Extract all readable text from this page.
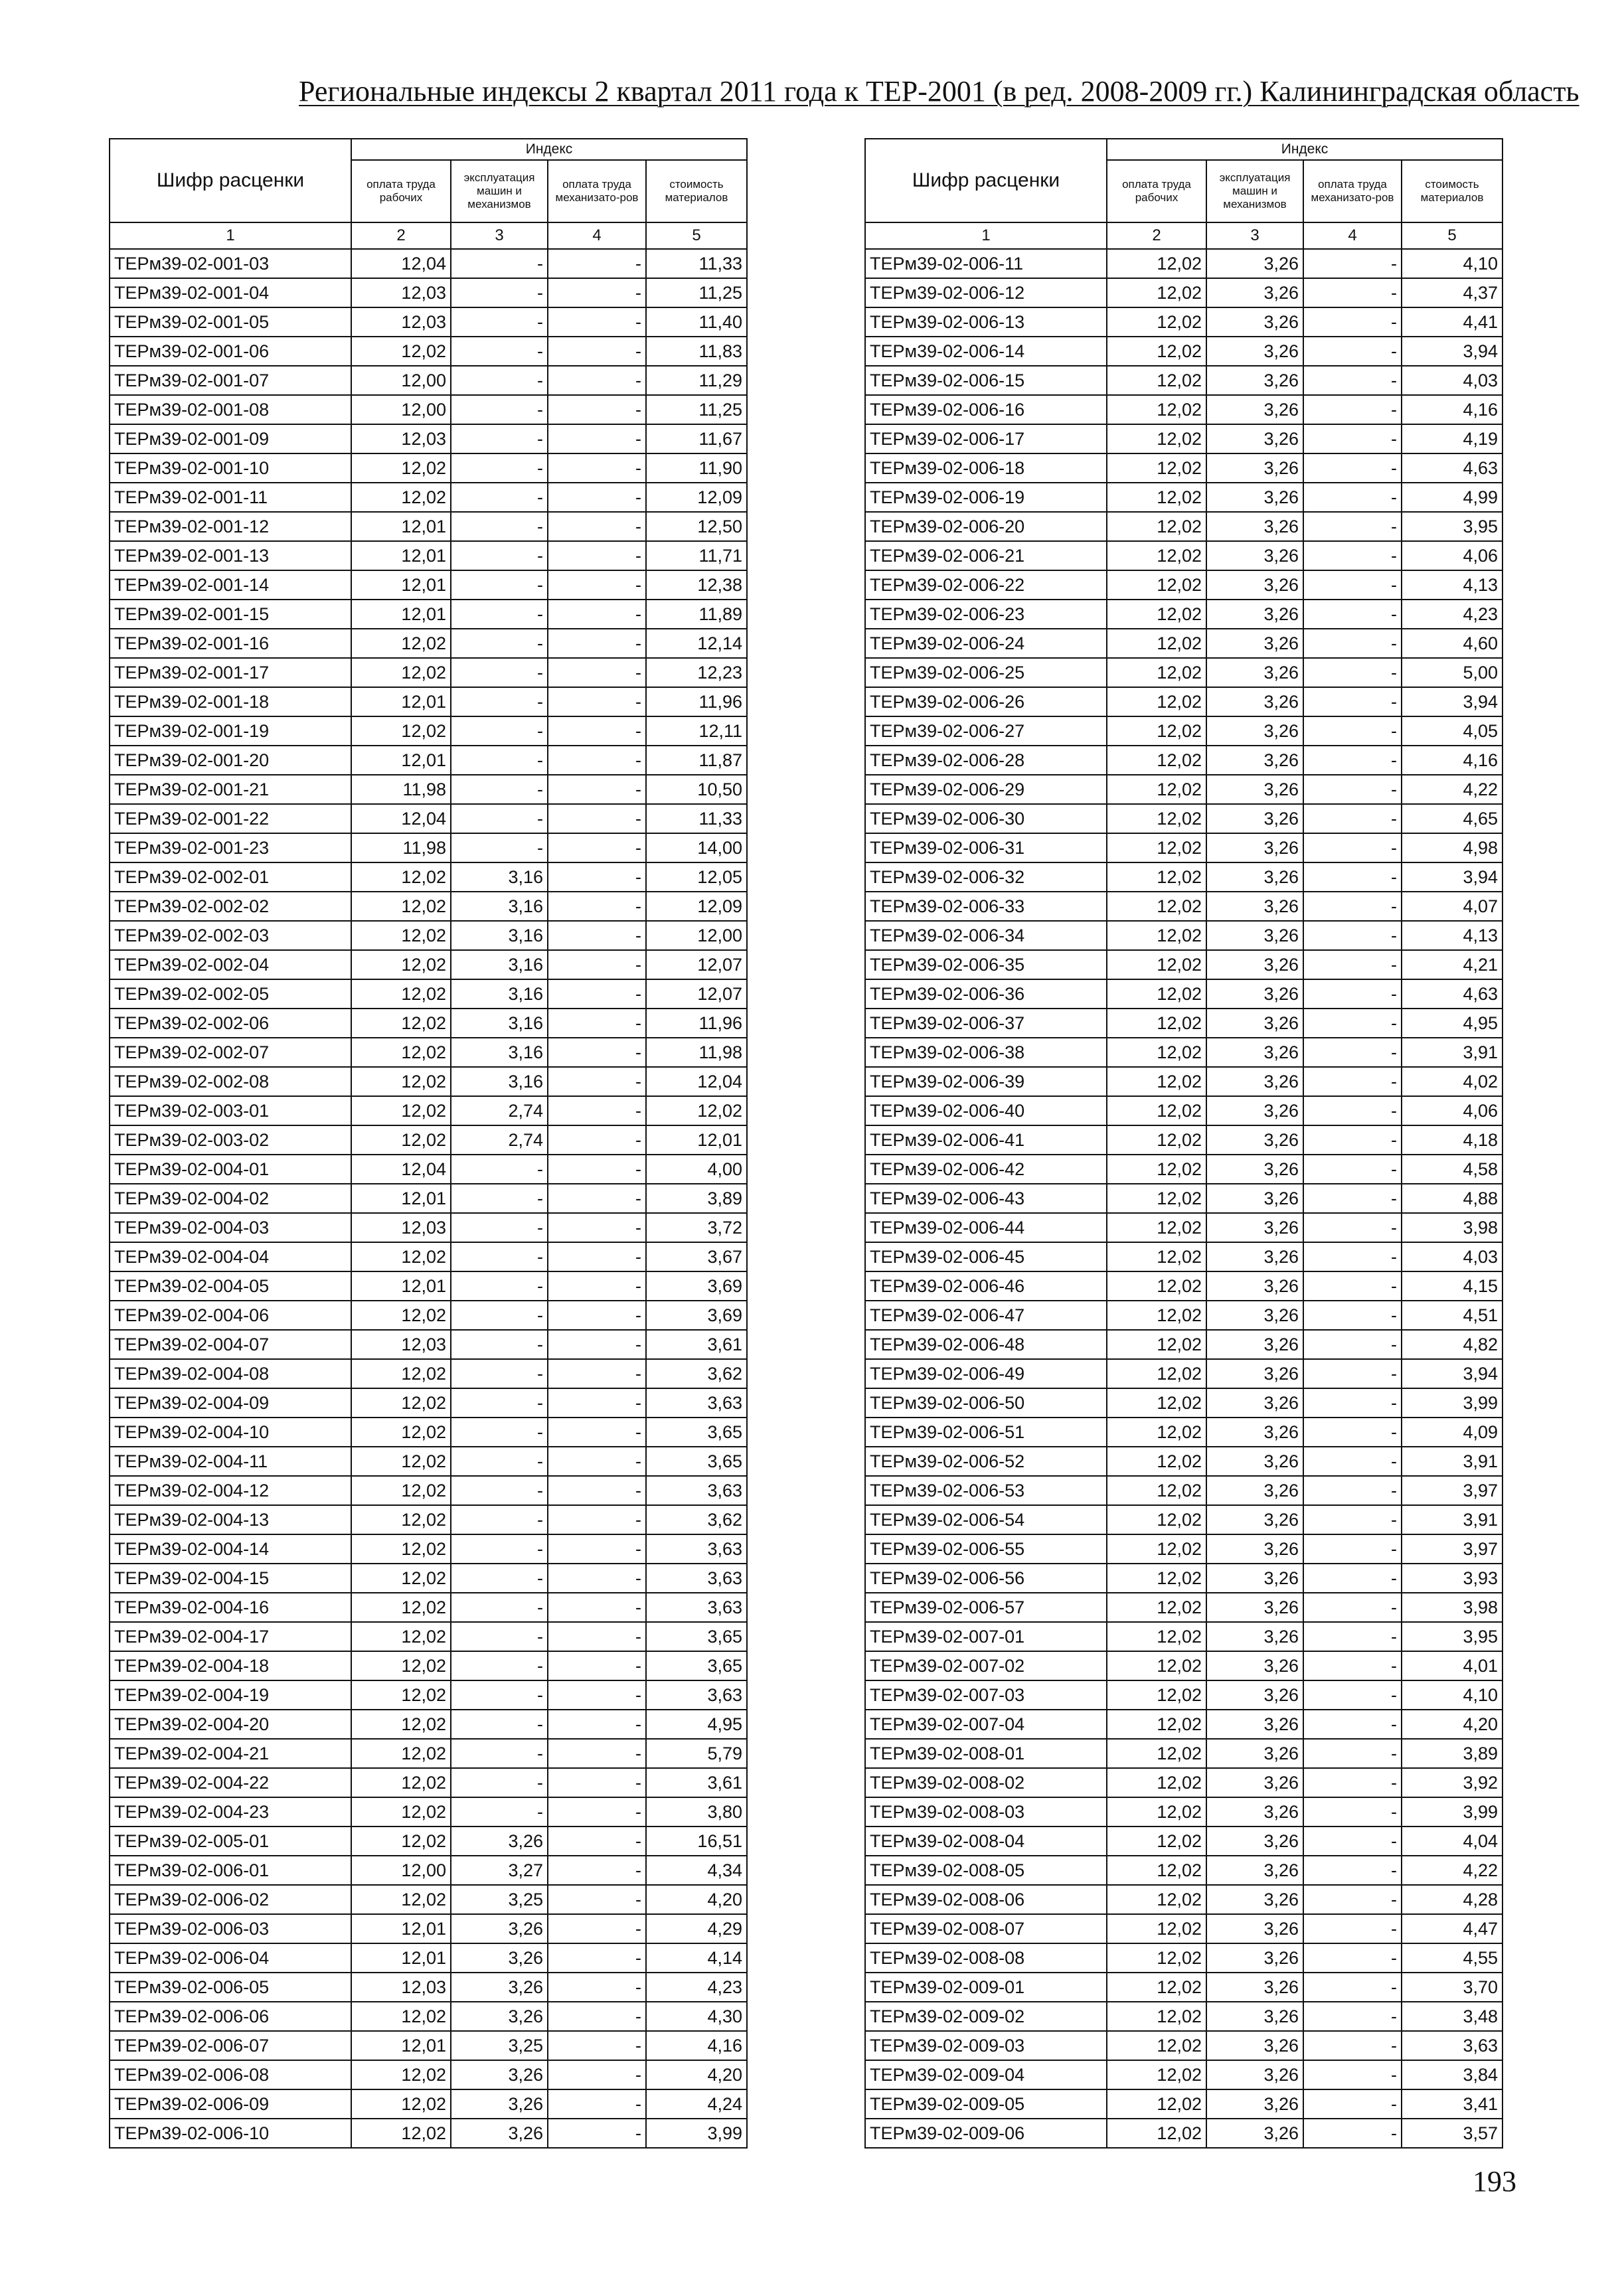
Региональные индексы 2 квартал 2011 года к ТЕР-2001 (в ред. 2008-2009 гг.) Калининградская область
Шифр расценки	Индекс			
	оплата труда рабочих	эксплуатация машин и механизмов	оплата труда механизато-ров	стоимость материалов
1	2	3	4	5
ТЕРм39-02-001-03	12,04	-	-	11,33
ТЕРм39-02-001-04	12,03	-	-	11,25
ТЕРм39-02-001-05	12,03	-	-	11,40
ТЕРм39-02-001-06	12,02	-	-	11,83
ТЕРм39-02-001-07	12,00	-	-	11,29
ТЕРм39-02-001-08	12,00	-	-	11,25
ТЕРм39-02-001-09	12,03	-	-	11,67
ТЕРм39-02-001-10	12,02	-	-	11,90
ТЕРм39-02-001-11	12,02	-	-	12,09
ТЕРм39-02-001-12	12,01	-	-	12,50
ТЕРм39-02-001-13	12,01	-	-	11,71
ТЕРм39-02-001-14	12,01	-	-	12,38
ТЕРм39-02-001-15	12,01	-	-	11,89
ТЕРм39-02-001-16	12,02	-	-	12,14
ТЕРм39-02-001-17	12,02	-	-	12,23
ТЕРм39-02-001-18	12,01	-	-	11,96
ТЕРм39-02-001-19	12,02	-	-	12,11
ТЕРм39-02-001-20	12,01	-	-	11,87
ТЕРм39-02-001-21	11,98	-	-	10,50
ТЕРм39-02-001-22	12,04	-	-	11,33
ТЕРм39-02-001-23	11,98	-	-	14,00
ТЕРм39-02-002-01	12,02	3,16	-	12,05
ТЕРм39-02-002-02	12,02	3,16	-	12,09
ТЕРм39-02-002-03	12,02	3,16	-	12,00
ТЕРм39-02-002-04	12,02	3,16	-	12,07
ТЕРм39-02-002-05	12,02	3,16	-	12,07
ТЕРм39-02-002-06	12,02	3,16	-	11,96
ТЕРм39-02-002-07	12,02	3,16	-	11,98
ТЕРм39-02-002-08	12,02	3,16	-	12,04
ТЕРм39-02-003-01	12,02	2,74	-	12,02
ТЕРм39-02-003-02	12,02	2,74	-	12,01
ТЕРм39-02-004-01	12,04	-	-	4,00
ТЕРм39-02-004-02	12,01	-	-	3,89
ТЕРм39-02-004-03	12,03	-	-	3,72
ТЕРм39-02-004-04	12,02	-	-	3,67
ТЕРм39-02-004-05	12,01	-	-	3,69
ТЕРм39-02-004-06	12,02	-	-	3,69
ТЕРм39-02-004-07	12,03	-	-	3,61
ТЕРм39-02-004-08	12,02	-	-	3,62
ТЕРм39-02-004-09	12,02	-	-	3,63
ТЕРм39-02-004-10	12,02	-	-	3,65
ТЕРм39-02-004-11	12,02	-	-	3,65
ТЕРм39-02-004-12	12,02	-	-	3,63
ТЕРм39-02-004-13	12,02	-	-	3,62
ТЕРм39-02-004-14	12,02	-	-	3,63
ТЕРм39-02-004-15	12,02	-	-	3,63
ТЕРм39-02-004-16	12,02	-	-	3,63
ТЕРм39-02-004-17	12,02	-	-	3,65
ТЕРм39-02-004-18	12,02	-	-	3,65
ТЕРм39-02-004-19	12,02	-	-	3,63
ТЕРм39-02-004-20	12,02	-	-	4,95
ТЕРм39-02-004-21	12,02	-	-	5,79
ТЕРм39-02-004-22	12,02	-	-	3,61
ТЕРм39-02-004-23	12,02	-	-	3,80
ТЕРм39-02-005-01	12,02	3,26	-	16,51
ТЕРм39-02-006-01	12,00	3,27	-	4,34
ТЕРм39-02-006-02	12,02	3,25	-	4,20
ТЕРм39-02-006-03	12,01	3,26	-	4,29
ТЕРм39-02-006-04	12,01	3,26	-	4,14
ТЕРм39-02-006-05	12,03	3,26	-	4,23
ТЕРм39-02-006-06	12,02	3,26	-	4,30
ТЕРм39-02-006-07	12,01	3,25	-	4,16
ТЕРм39-02-006-08	12,02	3,26	-	4,20
ТЕРм39-02-006-09	12,02	3,26	-	4,24
ТЕРм39-02-006-10	12,02	3,26	-	3,99
Шифр расценки	Индекс			
	оплата труда рабочих	эксплуатация машин и механизмов	оплата труда механизато-ров	стоимость материалов
1	2	3	4	5
ТЕРм39-02-006-11	12,02	3,26	-	4,10
ТЕРм39-02-006-12	12,02	3,26	-	4,37
ТЕРм39-02-006-13	12,02	3,26	-	4,41
ТЕРм39-02-006-14	12,02	3,26	-	3,94
ТЕРм39-02-006-15	12,02	3,26	-	4,03
ТЕРм39-02-006-16	12,02	3,26	-	4,16
ТЕРм39-02-006-17	12,02	3,26	-	4,19
ТЕРм39-02-006-18	12,02	3,26	-	4,63
ТЕРм39-02-006-19	12,02	3,26	-	4,99
ТЕРм39-02-006-20	12,02	3,26	-	3,95
ТЕРм39-02-006-21	12,02	3,26	-	4,06
ТЕРм39-02-006-22	12,02	3,26	-	4,13
ТЕРм39-02-006-23	12,02	3,26	-	4,23
ТЕРм39-02-006-24	12,02	3,26	-	4,60
ТЕРм39-02-006-25	12,02	3,26	-	5,00
ТЕРм39-02-006-26	12,02	3,26	-	3,94
ТЕРм39-02-006-27	12,02	3,26	-	4,05
ТЕРм39-02-006-28	12,02	3,26	-	4,16
ТЕРм39-02-006-29	12,02	3,26	-	4,22
ТЕРм39-02-006-30	12,02	3,26	-	4,65
ТЕРм39-02-006-31	12,02	3,26	-	4,98
ТЕРм39-02-006-32	12,02	3,26	-	3,94
ТЕРм39-02-006-33	12,02	3,26	-	4,07
ТЕРм39-02-006-34	12,02	3,26	-	4,13
ТЕРм39-02-006-35	12,02	3,26	-	4,21
ТЕРм39-02-006-36	12,02	3,26	-	4,63
ТЕРм39-02-006-37	12,02	3,26	-	4,95
ТЕРм39-02-006-38	12,02	3,26	-	3,91
ТЕРм39-02-006-39	12,02	3,26	-	4,02
ТЕРм39-02-006-40	12,02	3,26	-	4,06
ТЕРм39-02-006-41	12,02	3,26	-	4,18
ТЕРм39-02-006-42	12,02	3,26	-	4,58
ТЕРм39-02-006-43	12,02	3,26	-	4,88
ТЕРм39-02-006-44	12,02	3,26	-	3,98
ТЕРм39-02-006-45	12,02	3,26	-	4,03
ТЕРм39-02-006-46	12,02	3,26	-	4,15
ТЕРм39-02-006-47	12,02	3,26	-	4,51
ТЕРм39-02-006-48	12,02	3,26	-	4,82
ТЕРм39-02-006-49	12,02	3,26	-	3,94
ТЕРм39-02-006-50	12,02	3,26	-	3,99
ТЕРм39-02-006-51	12,02	3,26	-	4,09
ТЕРм39-02-006-52	12,02	3,26	-	3,91
ТЕРм39-02-006-53	12,02	3,26	-	3,97
ТЕРм39-02-006-54	12,02	3,26	-	3,91
ТЕРм39-02-006-55	12,02	3,26	-	3,97
ТЕРм39-02-006-56	12,02	3,26	-	3,93
ТЕРм39-02-006-57	12,02	3,26	-	3,98
ТЕРм39-02-007-01	12,02	3,26	-	3,95
ТЕРм39-02-007-02	12,02	3,26	-	4,01
ТЕРм39-02-007-03	12,02	3,26	-	4,10
ТЕРм39-02-007-04	12,02	3,26	-	4,20
ТЕРм39-02-008-01	12,02	3,26	-	3,89
ТЕРм39-02-008-02	12,02	3,26	-	3,92
ТЕРм39-02-008-03	12,02	3,26	-	3,99
ТЕРм39-02-008-04	12,02	3,26	-	4,04
ТЕРм39-02-008-05	12,02	3,26	-	4,22
ТЕРм39-02-008-06	12,02	3,26	-	4,28
ТЕРм39-02-008-07	12,02	3,26	-	4,47
ТЕРм39-02-008-08	12,02	3,26	-	4,55
ТЕРм39-02-009-01	12,02	3,26	-	3,70
ТЕРм39-02-009-02	12,02	3,26	-	3,48
ТЕРм39-02-009-03	12,02	3,26	-	3,63
ТЕРм39-02-009-04	12,02	3,26	-	3,84
ТЕРм39-02-009-05	12,02	3,26	-	3,41
ТЕРм39-02-009-06	12,02	3,26	-	3,57
193
